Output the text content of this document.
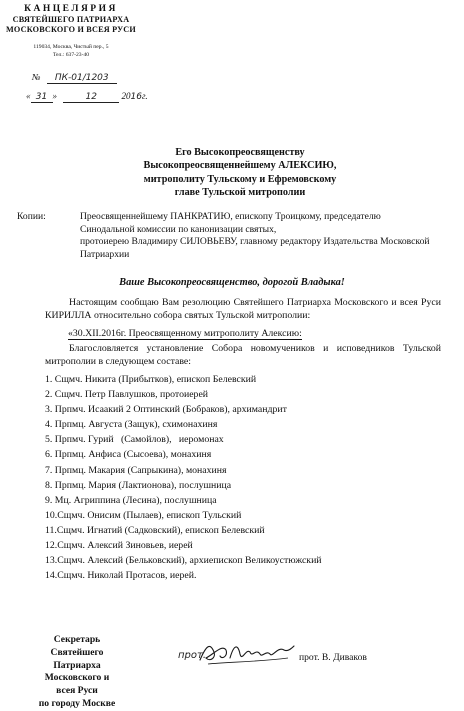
КАНЦЕЛЯРИЯ
СВЯТЕЙШЕГО ПАТРИАРХА
МОСКОВСКОГО И ВСЕЯ РУСИ
119034, Москва, Чистый пер., 5
Тел.: 637-23-40
№ ПК-01/1203
« 31 »	12	2016г.
Его Высокопреосвященству
Высокопреосвященнейшему АЛЕКСИЮ,
митрополиту Тульскому и Ефремовскому
главе Тульской митрополии
Копии:	Преосвященнейшему ПАНКРАТИЮ, епископу Троицкому, председателю Синодальной комиссии по канонизации святых,
протоиерею Владимиру СИЛОВЬЕВУ, главному редактору Издательства Московской Патриархии
Ваше Высокопреосвященство, дорогой Владыка!
Настоящим сообщаю Вам резолюцию Святейшего Патриарха Московского и всея Руси КИРИЛЛА относительно собора святых Тульской митрополии:
«30.XII.2016г. Преосвященному митрополиту Алексию:
Благословляется установление Собора новомучеников и исповедников Тульской митрополии в следующем составе:
1. Сщмч. Никита (Прибытков), епископ Белевский
2. Сщмч. Петр Павлушков, протоиерей
3. Прпмч. Исаакий 2 Оптинский (Бобраков), архимандрит
4. Прпмц. Августа (Защук), схимонахиня
5. Прпмч. Гурий   (Самойлов),   иеромонах
6. Прпмц. Анфиса (Сысоева), монахиня
7. Прпмц. Макария (Сапрыкина), монахиня
8. Прпмц. Мария (Лактионова), послушница
9. Мц. Агриппина (Лесина), послушница
10.Сщмч. Онисим (Пылаев), епископ Тульский
11.Сщмч. Игнатий (Садковский), епископ Белевский
12.Сщмч. Алексий Зиновьев, иерей
13.Сщмч. Алексий (Бельковский), архиепископ Великоустюжский
14.Сщмч. Николай Протасов, иерей.
Секретарь
Святейшего Патриарха
Московского и всея Руси
по городу Москве
прот.	прот. В. Диваков
